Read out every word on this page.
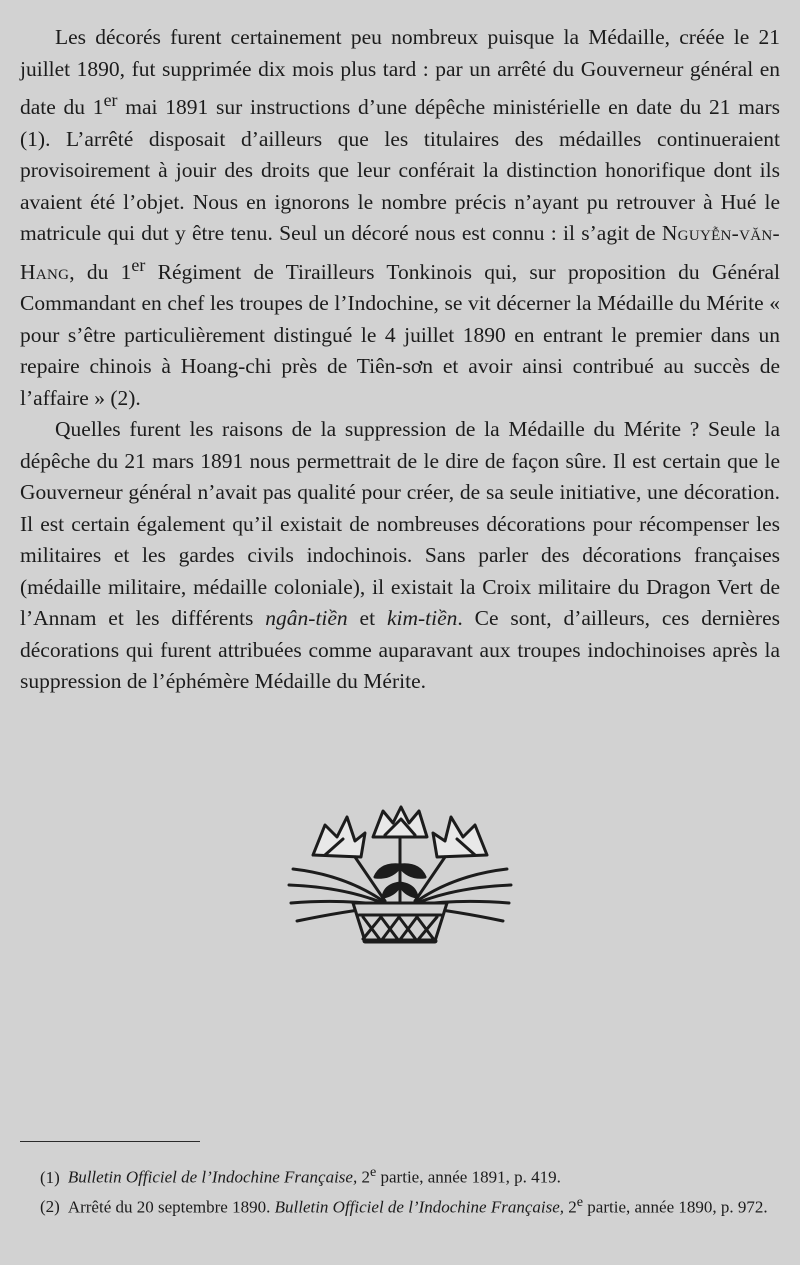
Les décorés furent certainement peu nombreux puisque la Médaille, créée le 21 juillet 1890, fut supprimée dix mois plus tard : par un arrêté du Gouverneur général en date du 1er mai 1891 sur instructions d’une dépêche ministérielle en date du 21 mars (1). L’arrêté disposait d’ailleurs que les titulaires des médailles continueraient provisoirement à jouir des droits que leur conférait la distinction honorifique dont ils avaient été l’objet. Nous en ignorons le nombre précis n’ayant pu retrouver à Hué le matricule qui dut y être tenu. Seul un décoré nous est connu : il s’agit de Nguyễn-văn-Hang, du 1er Régiment de Tirailleurs Tonkinois qui, sur proposition du Général Commandant en chef les troupes de l’Indochine, se vit décerner la Médaille du Mérite « pour s’être particulièrement distingué le 4 juillet 1890 en entrant le premier dans un repaire chinois à Hoang-chi près de Tiên-sơn et avoir ainsi contribué au succès de l’affaire » (2).

Quelles furent les raisons de la suppression de la Médaille du Mérite ? Seule la dépêche du 21 mars 1891 nous permettrait de le dire de façon sûre. Il est certain que le Gouverneur général n’avait pas qualité pour créer, de sa seule initiative, une décoration. Il est certain également qu’il existait de nombreuses décorations pour récompenser les militaires et les gardes civils indochinois. Sans parler des décorations françaises (médaille militaire, médaille coloniale), il existait la Croix militaire du Dragon Vert de l’Annam et les différents ngân-tiền et kim-tiền. Ce sont, d’ailleurs, ces dernières décorations qui furent attribuées comme auparavant aux troupes indochinoises après la suppression de l’éphémère Médaille du Mérite.

(1) Bulletin Officiel de l’Indochine Française, 2e partie, année 1891, p. 419.

(2) Arrêté du 20 septembre 1890. Bulletin Officiel de l’Indochine Française, 2e partie, année 1890, p. 972.
